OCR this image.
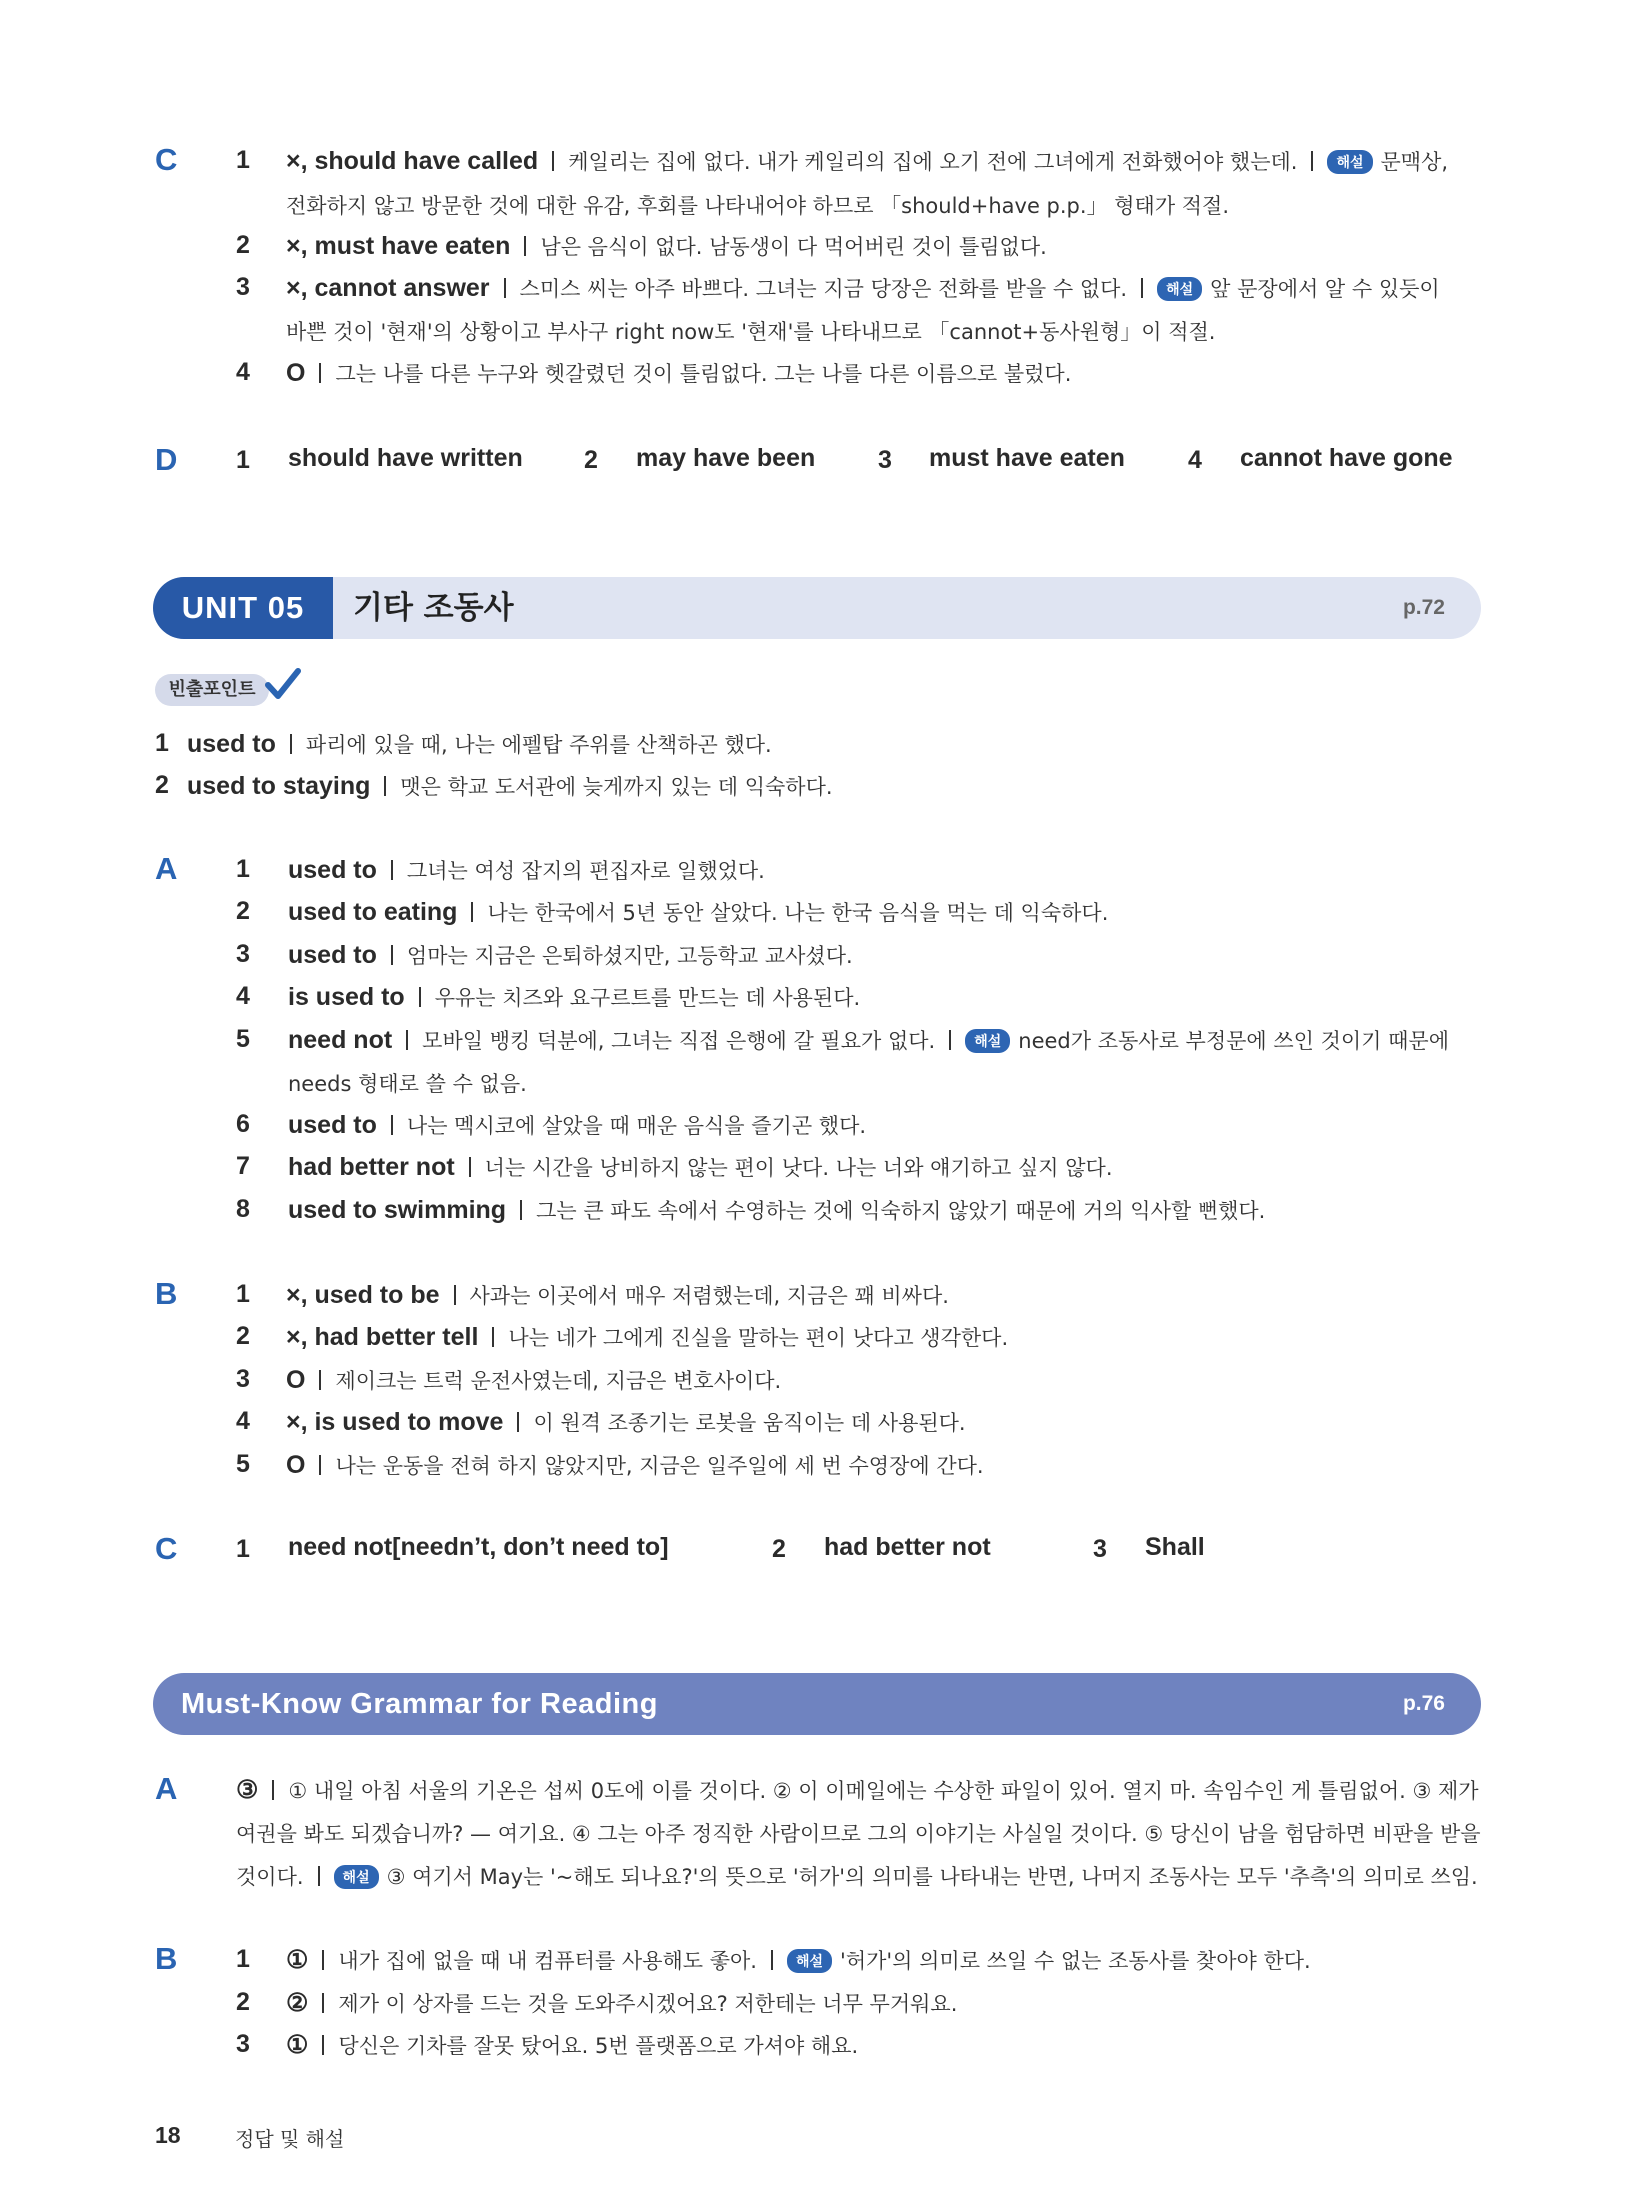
C 1 ×, should have called 케일리는 집에 없다. 내가 케일리의 집에 오기 전에 그녀에게 전화했어야 했는데.	해설 문맥상,
전화하지 않고 방문한 것에 대한 유감, 후회를 나타내어야 하므로 「should+have p.p.」 형태가 적절.
2 ×, must have eaten 남은 음식이 없다. 남동생이 다 먹어버린 것이 틀림없다.
3 ×, cannot answer 스미스 씨는 아주 바쁘다. 그녀는 지금 당장은 전화를 받을 수 없다.	해설 앞 문장에서 알 수 있듯이
바쁜 것이 '현재'의 상황이고 부사구 right now도 '현재'를 나타내므로 「cannot+동사원형」이 적절.
4 O 그는 나를 다른 누구와 헷갈렸던 것이 틀림없다. 그는 나를 다른 이름으로 불렀다.
D 1 should have written 2 may have been	3 must have eaten	4 cannot have gone
UNIT 05	기타 조동사	p.72
빈출포인트
1 used to 파리에 있을 때, 나는 에펠탑 주위를 산책하곤 했다.
2 used to staying 맷은 학교 도서관에 늦게까지 있는 데 익숙하다.
A 1 used to 그녀는 여성 잡지의 편집자로 일했었다.
2 used to eating 나는 한국에서 5년 동안 살았다. 나는 한국 음식을 먹는 데 익숙하다.
3 used to 엄마는 지금은 은퇴하셨지만, 고등학교 교사셨다.
4 is used to 우유는 치즈와 요구르트를 만드는 데 사용된다.
5 need not 모바일 뱅킹 덕분에, 그녀는 직접 은행에 갈 필요가 없다.	해설 need가 조동사로 부정문에 쓰인 것이기 때문에
needs 형태로 쓸 수 없음.
6 used to 나는 멕시코에 살았을 때 매운 음식을 즐기곤 했다.
7 had better not 너는 시간을 낭비하지 않는 편이 낫다. 나는 너와 얘기하고 싶지 않다.
8 used to swimming 그는 큰 파도 속에서 수영하는 것에 익숙하지 않았기 때문에 거의 익사할 뻔했다.
B 1 ×, used to be 사과는 이곳에서 매우 저렴했는데, 지금은 꽤 비싸다.
2 ×, had better tell 나는 네가 그에게 진실을 말하는 편이 낫다고 생각한다.
3 O 제이크는 트럭 운전사였는데, 지금은 변호사이다.
4 ×, is used to move 이 원격 조종기는 로봇을 움직이는 데 사용된다.
5 O 나는 운동을 전혀 하지 않았지만, 지금은 일주일에 세 번 수영장에 간다.
C 1 need not[needn’t, don’t need to]	2 had better not	3 Shall
Must-Know Grammar for Reading	p.76
A ③ ① 내일 아침 서울의 기온은 섭씨 0도에 이를 것이다. ② 이 이메일에는 수상한 파일이 있어. 열지 마. 속임수인 게 틀림없어. ③ 제가
여권을 봐도 되겠습니까? — 여기요. ④ 그는 아주 정직한 사람이므로 그의 이야기는 사실일 것이다. ⑤ 당신이 남을 험담하면 비판을 받을
것이다.	해설 ③ 여기서 May는 '~해도 되나요?'의 뜻으로 '허가'의 의미를 나타내는 반면, 나머지 조동사는 모두 '추측'의 의미로 쓰임.
B 1 ① 내가 집에 없을 때 내 컴퓨터를 사용해도 좋아.	해설 '허가'의 의미로 쓰일 수 없는 조동사를 찾아야 한다.
2 ② 제가 이 상자를 드는 것을 도와주시겠어요? 저한테는 너무 무거워요.
3 ① 당신은 기차를 잘못 탔어요. 5번 플랫폼으로 가셔야 해요.
18	정답 및 해설
